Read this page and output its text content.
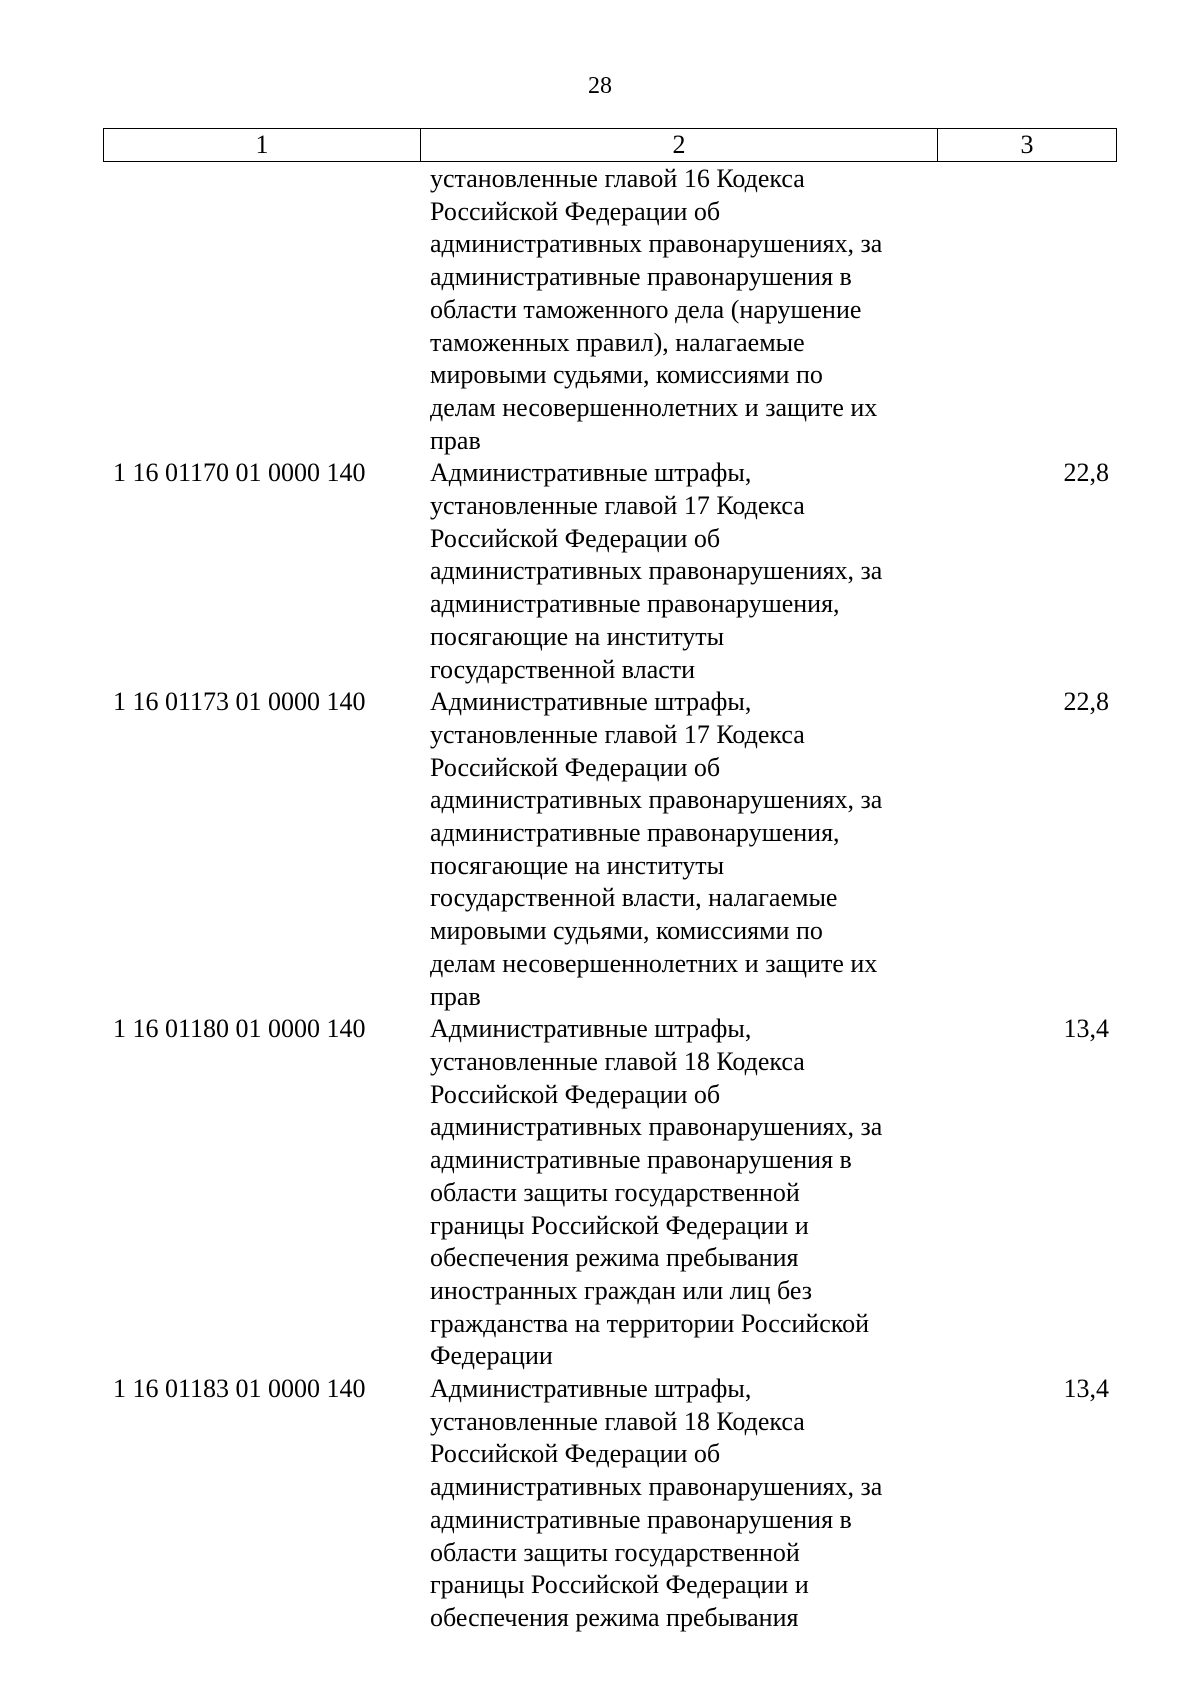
28
1	2	3
установленные главой 16 Кодекса
Российской Федерации об
административных правонарушениях, за
административные правонарушения в
области таможенного дела (нарушение
таможенных правил), налагаемые
мировыми судьями, комиссиями по
делам несовершеннолетних и защите их
прав
1 16 01170 01 0000 140	Административные штрафы,
установленные главой 17 Кодекса
Российской Федерации об
административных правонарушениях, за
административные правонарушения,
посягающие на институты
государственной власти
22,8
1 16 01173 01 0000 140	Административные штрафы,
установленные главой 17 Кодекса
Российской Федерации об
административных правонарушениях, за
административные правонарушения,
посягающие на институты
государственной власти, налагаемые
мировыми судьями, комиссиями по
делам несовершеннолетних и защите их
прав
22,8
1 16 01180 01 0000 140	Административные штрафы,
установленные главой 18 Кодекса
Российской Федерации об
административных правонарушениях, за
административные правонарушения в
области защиты государственной
границы Российской Федерации и
обеспечения режима пребывания
иностранных граждан или лиц без
гражданства на территории Российской
Федерации
13,4
1 16 01183 01 0000 140	Административные штрафы,
установленные главой 18 Кодекса
Российской Федерации об
административных правонарушениях, за
административные правонарушения в
области защиты государственной
границы Российской Федерации и
обеспечения режима пребывания
13,4
